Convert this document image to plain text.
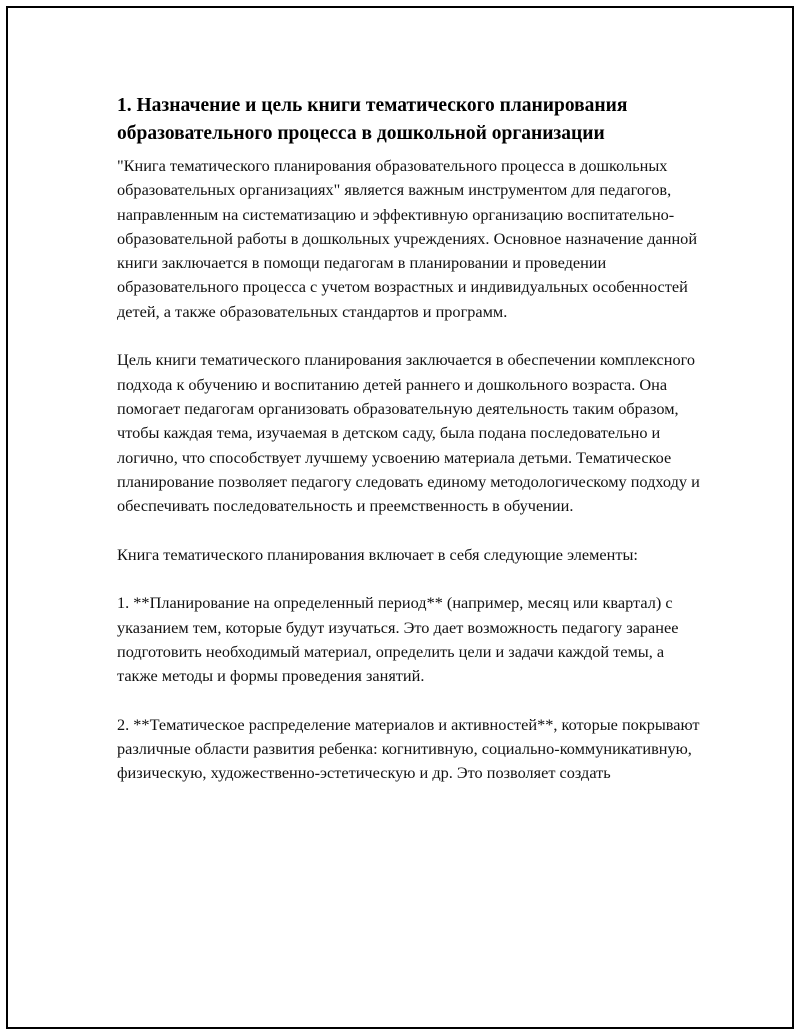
1. Назначение и цель книги тематического планирования образовательного процесса в дошкольной организации

"Книга тематического планирования образовательного процесса в дошкольных образовательных организациях" является важным инструментом для педагогов, направленным на систематизацию и эффективную организацию воспитательно-образовательной работы в дошкольных учреждениях. Основное назначение данной книги заключается в помощи педагогам в планировании и проведении образовательного процесса с учетом возрастных и индивидуальных особенностей детей, а также образовательных стандартов и программ.

Цель книги тематического планирования заключается в обеспечении комплексного подхода к обучению и воспитанию детей раннего и дошкольного возраста. Она помогает педагогам организовать образовательную деятельность таким образом, чтобы каждая тема, изучаемая в детском саду, была подана последовательно и логично, что способствует лучшему усвоению материала детьми. Тематическое планирование позволяет педагогу следовать единому методологическому подходу и обеспечивать последовательность и преемственность в обучении.

Книга тематического планирования включает в себя следующие элементы:

1. **Планирование на определенный период** (например, месяц или квартал) с указанием тем, которые будут изучаться. Это дает возможность педагогу заранее подготовить необходимый материал, определить цели и задачи каждой темы, а также методы и формы проведения занятий.

2. **Тематическое распределение материалов и активностей**, которые покрывают различные области развития ребенка: когнитивную, социально-коммуникативную, физическую, художественно-эстетическую и др. Это позволяет создать
